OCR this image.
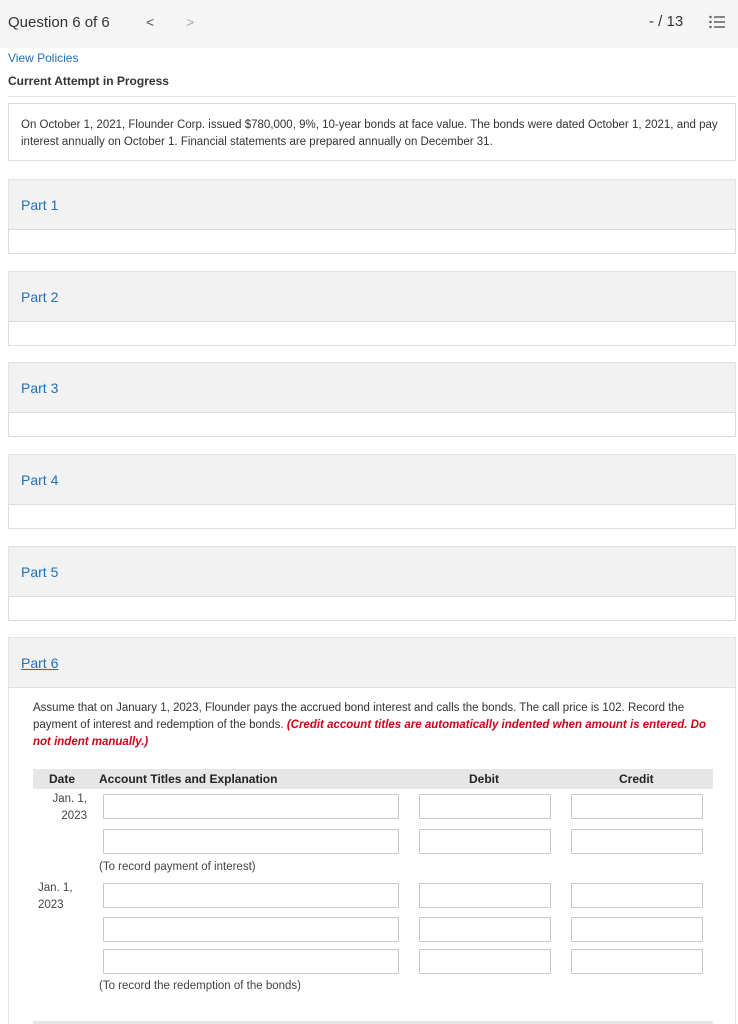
Question 6 of 6	< >	- / 13
View Policies
Current Attempt in Progress
On October 1, 2021, Flounder Corp. issued $780,000, 9%, 10-year bonds at face value. The bonds were dated October 1, 2021, and pay interest annually on October 1. Financial statements are prepared annually on December 31.
Part 1
Part 2
Part 3
Part 4
Part 5
Part 6
Assume that on January 1, 2023, Flounder pays the accrued bond interest and calls the bonds. The call price is 102. Record the payment of interest and redemption of the bonds. (Credit account titles are automatically indented when amount is entered. Do not indent manually.)
Date Account Titles and Explanation	Debit	Credit
Jan. 1,
2023
(To record payment of interest)
Jan. 1,
2023
(To record the redemption of the bonds)
